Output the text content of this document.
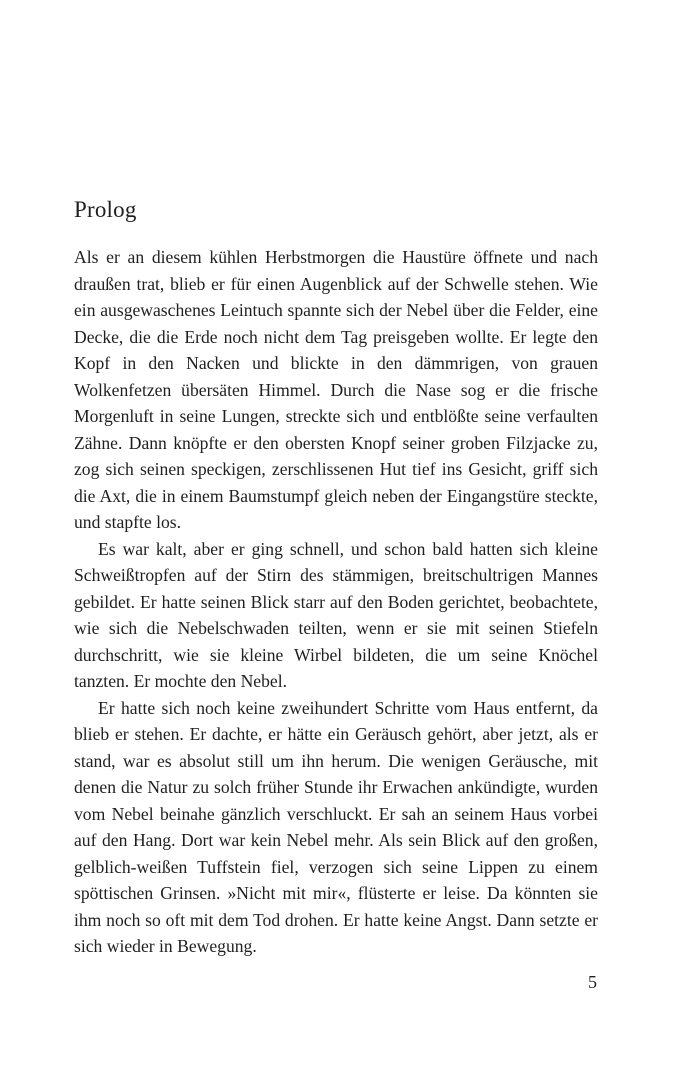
Prolog

Als er an diesem kühlen Herbstmorgen die Haustüre öffnete und nach draußen trat, blieb er für einen Augenblick auf der Schwelle stehen. Wie ein ausgewaschenes Leintuch spannte sich der Nebel über die Felder, eine Decke, die die Erde noch nicht dem Tag preisgeben wollte. Er legte den Kopf in den Nacken und blickte in den dämmrigen, von grauen Wolkenfetzen übersäten Himmel. Durch die Nase sog er die frische Morgenluft in seine Lungen, streckte sich und entblößte seine verfaulten Zähne. Dann knöpfte er den obersten Knopf seiner groben Filzjacke zu, zog sich seinen speckigen, zerschlissenen Hut tief ins Gesicht, griff sich die Axt, die in einem Baumstumpf gleich neben der Eingangstüre steckte, und stapfte los.

Es war kalt, aber er ging schnell, und schon bald hatten sich kleine Schweißtropfen auf der Stirn des stämmigen, breitschultrigen Mannes gebildet. Er hatte seinen Blick starr auf den Boden gerichtet, beobachtete, wie sich die Nebelschwaden teilten, wenn er sie mit seinen Stiefeln durchschritt, wie sie kleine Wirbel bildeten, die um seine Knöchel tanzten. Er mochte den Nebel.

Er hatte sich noch keine zweihundert Schritte vom Haus entfernt, da blieb er stehen. Er dachte, er hätte ein Geräusch gehört, aber jetzt, als er stand, war es absolut still um ihn herum. Die wenigen Geräusche, mit denen die Natur zu solch früher Stunde ihr Erwachen ankündigte, wurden vom Nebel beinahe gänzlich verschluckt. Er sah an seinem Haus vorbei auf den Hang. Dort war kein Nebel mehr. Als sein Blick auf den großen, gelblich-weißen Tuffstein fiel, verzogen sich seine Lippen zu einem spöttischen Grinsen. »Nicht mit mir«, flüsterte er leise. Da könnten sie ihm noch so oft mit dem Tod drohen. Er hatte keine Angst. Dann setzte er sich wieder in Bewegung.

5
